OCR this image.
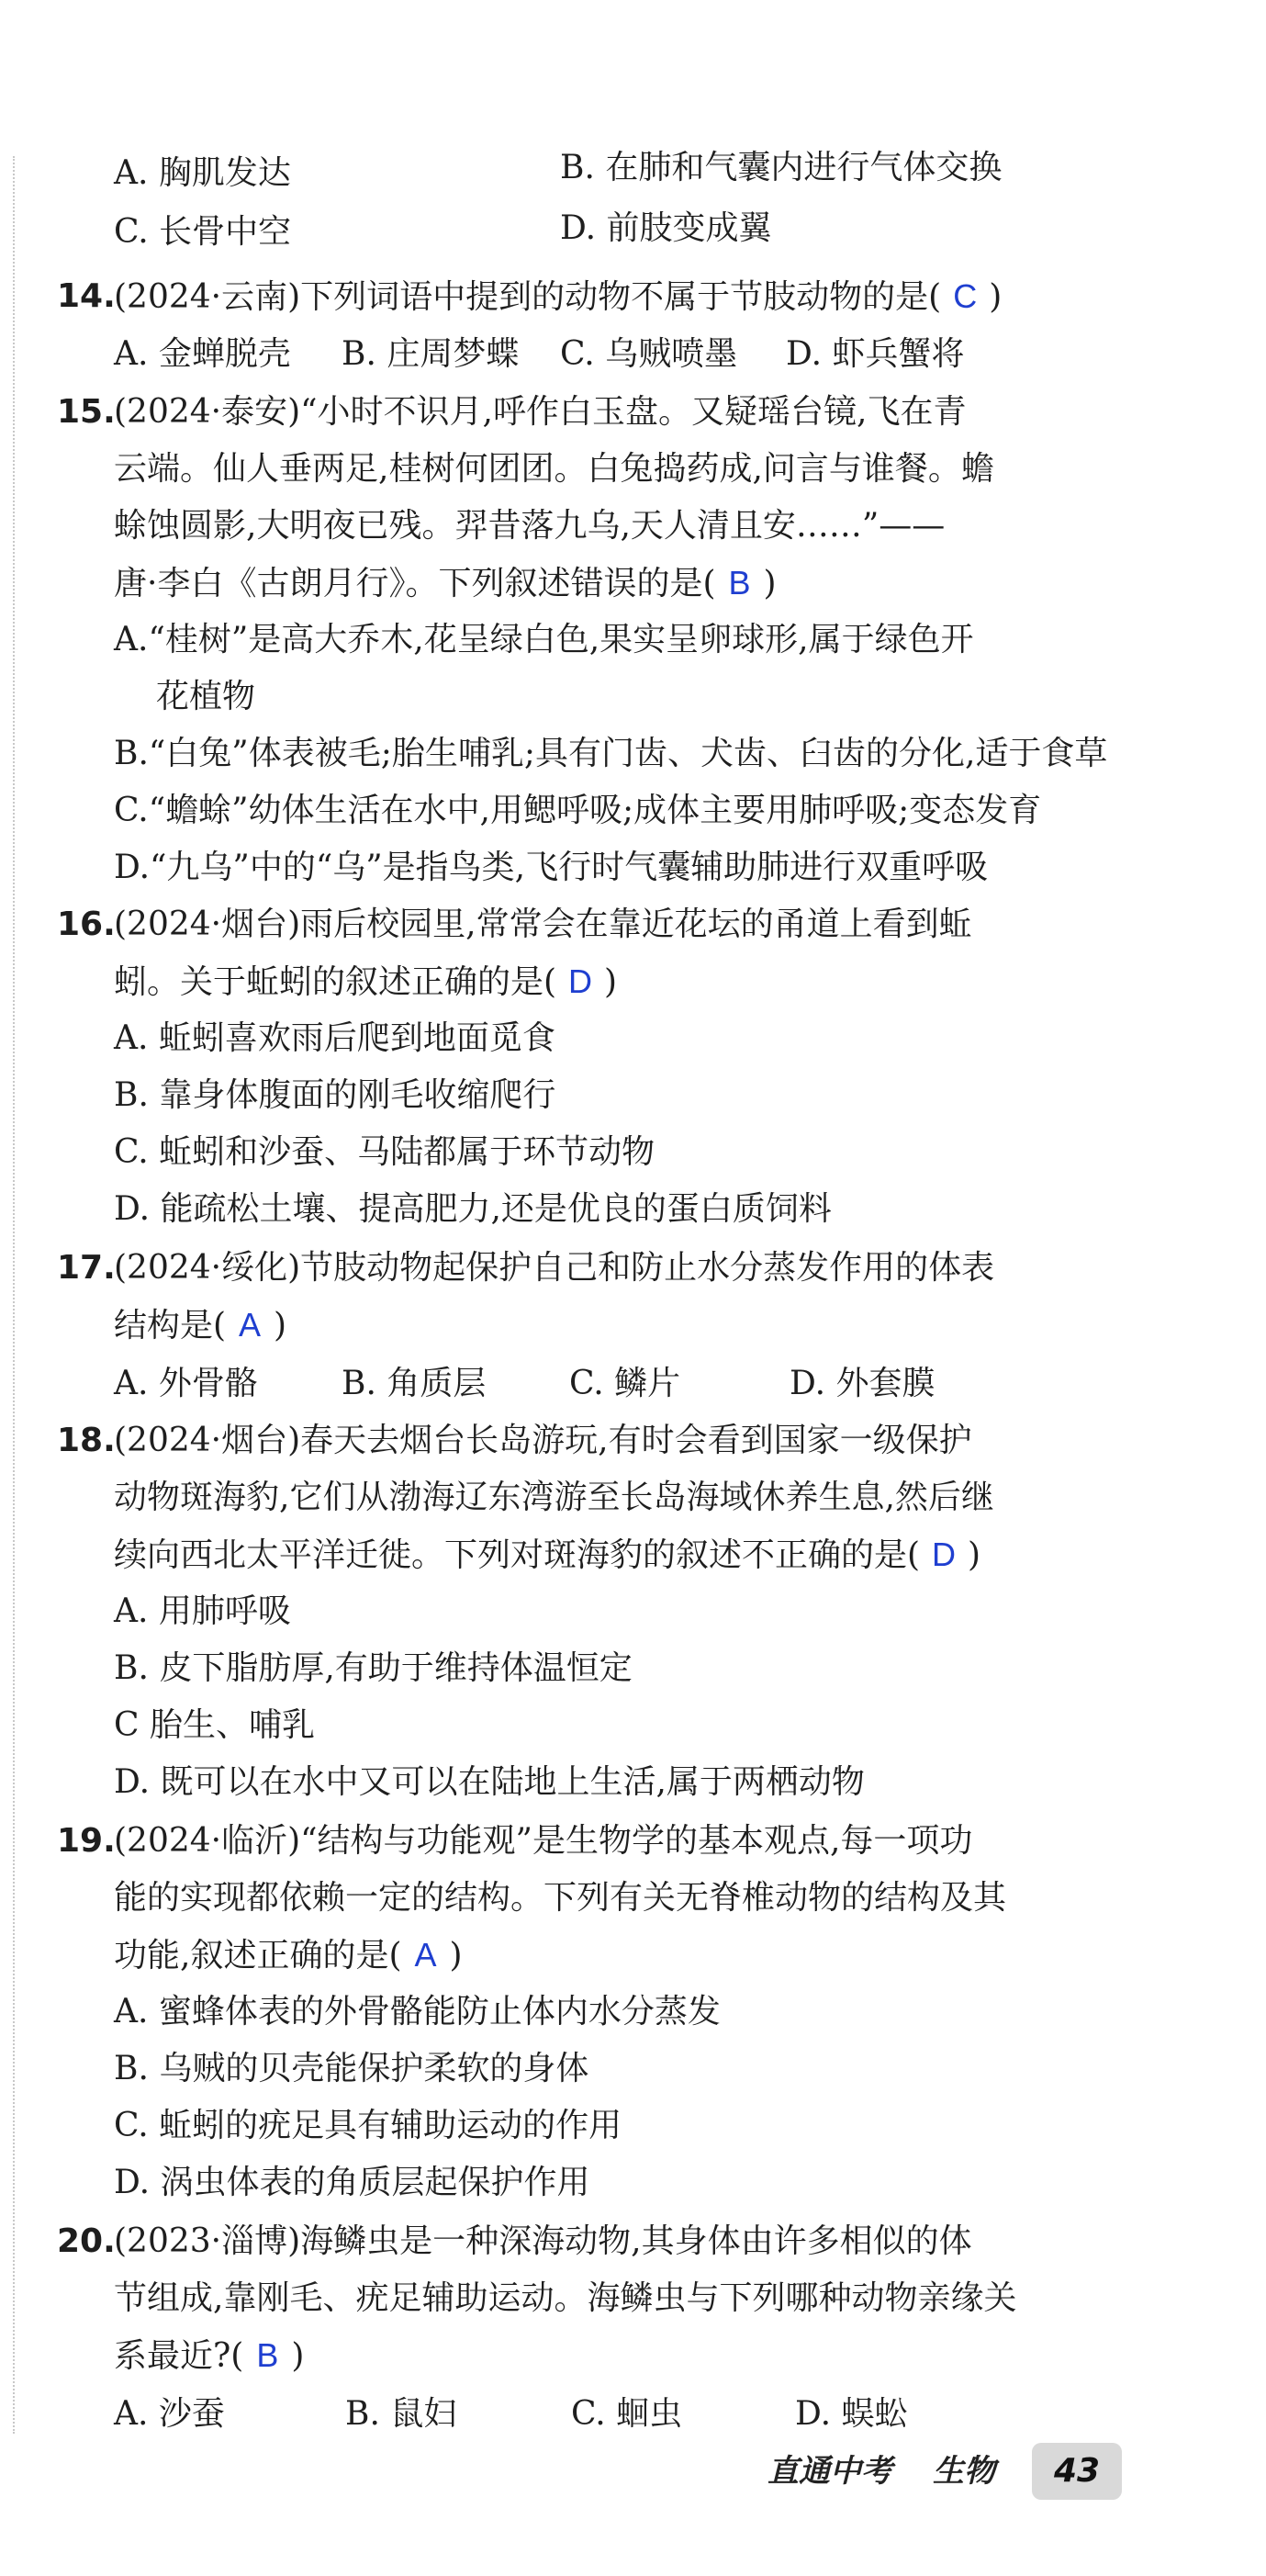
A. 胸肌发达	B. 在肺和气囊内进行气体交换
C. 长骨中空	D. 前肢变成翼
14.
(2024·云南)下列词语中提到的动物不属于节肢动物的是( C )
A. 金蝉脱壳 B. 庄周梦蝶 C. 乌贼喷墨 D. 虾兵蟹将
15.
(2024·泰安)“小时不识月,呼作白玉盘。又疑瑶台镜,飞在青
云端。仙人垂两足,桂树何团团。白兔捣药成,问言与谁餐。蟾
蜍蚀圆影,大明夜已残。羿昔落九乌,天人清且安……”——
唐·李白《古朗月行》。下列叙述错误的是( B )
A.“桂树”是高大乔木,花呈绿白色,果实呈卵球形,属于绿色开
花植物
B.“白兔”体表被毛;胎生哺乳;具有门齿、犬齿、臼齿的分化,适于食草
C.“蟾蜍”幼体生活在水中,用鳃呼吸;成体主要用肺呼吸;变态发育
D.“九乌”中的“乌”是指鸟类,飞行时气囊辅助肺进行双重呼吸
16.
(2024·烟台)雨后校园里,常常会在靠近花坛的甬道上看到蚯
蚓。关于蚯蚓的叙述正确的是( D )
A. 蚯蚓喜欢雨后爬到地面觅食
B. 靠身体腹面的刚毛收缩爬行
C. 蚯蚓和沙蚕、马陆都属于环节动物
D. 能疏松土壤、提高肥力,还是优良的蛋白质饲料
17.
(2024·绥化)节肢动物起保护自己和防止水分蒸发作用的体表
结构是( A )
A. 外骨骼	B. 角质层	C. 鳞片	D. 外套膜
18.
(2024·烟台)春天去烟台长岛游玩,有时会看到国家一级保护
动物斑海豹,它们从渤海辽东湾游至长岛海域休养生息,然后继
续向西北太平洋迁徙。下列对斑海豹的叙述不正确的是( D )
A. 用肺呼吸
B. 皮下脂肪厚,有助于维持体温恒定
C 胎生、哺乳
D. 既可以在水中又可以在陆地上生活,属于两栖动物
19.
(2024·临沂)“结构与功能观”是生物学的基本观点,每一项功
能的实现都依赖一定的结构。下列有关无脊椎动物的结构及其
功能,叙述正确的是( A )
A. 蜜蜂体表的外骨骼能防止体内水分蒸发
B. 乌贼的贝壳能保护柔软的身体
C. 蚯蚓的疣足具有辅助运动的作用
D. 涡虫体表的角质层起保护作用
20.
(2023·淄博)海鳞虫是一种深海动物,其身体由许多相似的体
节组成,靠刚毛、疣足辅助运动。海鳞虫与下列哪种动物亲缘关
系最近?( B )
A. 沙蚕	B. 鼠妇	C. 蛔虫	D. 蜈蚣
直通中考 生物	43
